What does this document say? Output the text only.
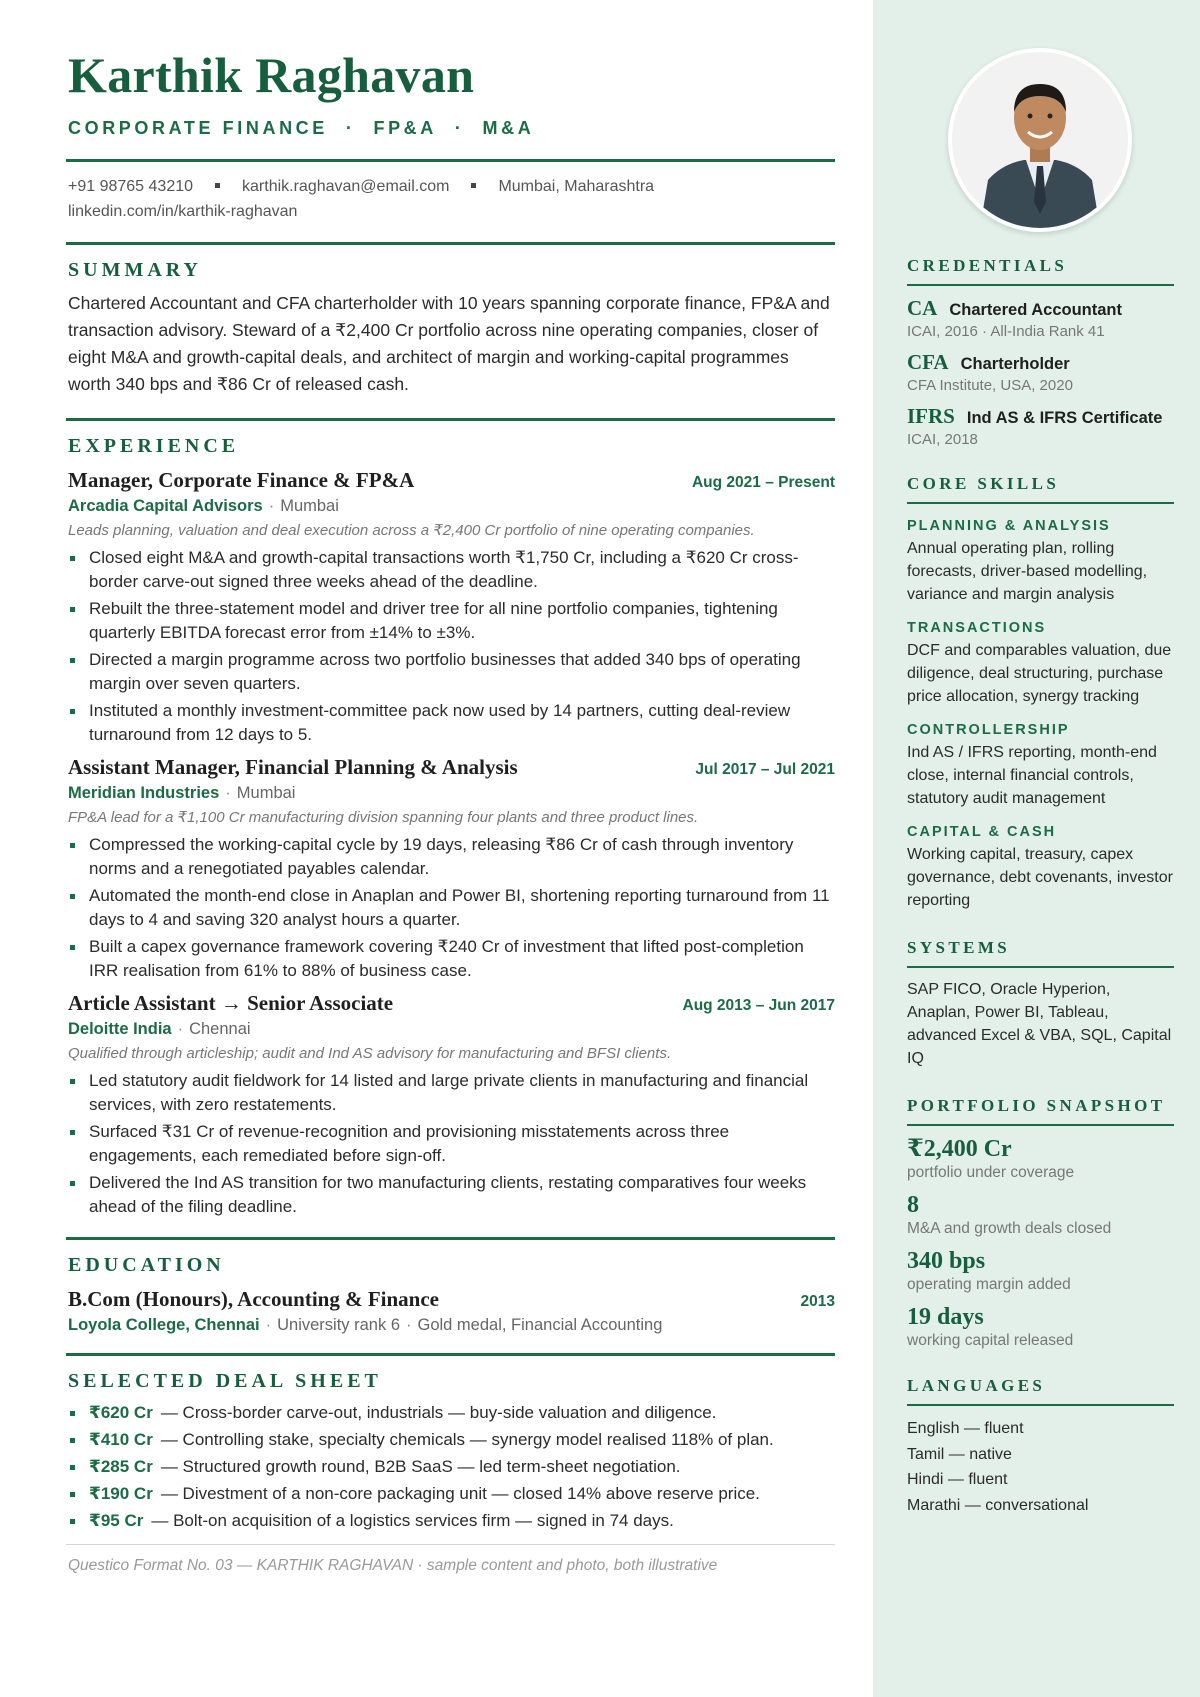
Karthik Raghavan
CORPORATE FINANCE · FP&A · M&A
+91 98765 43210	karthik.raghavan@email.com	Mumbai, Maharashtra
linkedin.com/in/karthik-raghavan
SUMMARY
Chartered Accountant and CFA charterholder with 10 years spanning corporate finance, FP&A and transaction advisory. Steward of a ₹2,400 Cr portfolio across nine operating companies, closer of eight M&A and growth-capital deals, and architect of margin and working-capital programmes worth 340 bps and ₹86 Cr of released cash.
EXPERIENCE
Manager, Corporate Finance & FP&A	Aug 2021 – Present
Arcadia Capital Advisors · Mumbai
Leads planning, valuation and deal execution across a ₹2,400 Cr portfolio of nine operating companies.
Closed eight M&A and growth-capital transactions worth ₹1,750 Cr, including a ₹620 Cr cross-border carve-out signed three weeks ahead of the deadline.
Rebuilt the three-statement model and driver tree for all nine portfolio companies, tightening quarterly EBITDA forecast error from ±14% to ±3%.
Directed a margin programme across two portfolio businesses that added 340 bps of operating margin over seven quarters.
Instituted a monthly investment-committee pack now used by 14 partners, cutting deal-review turnaround from 12 days to 5.
Assistant Manager, Financial Planning & Analysis	Jul 2017 – Jul 2021
Meridian Industries · Mumbai
FP&A lead for a ₹1,100 Cr manufacturing division spanning four plants and three product lines.
Compressed the working-capital cycle by 19 days, releasing ₹86 Cr of cash through inventory norms and a renegotiated payables calendar.
Automated the month-end close in Anaplan and Power BI, shortening reporting turnaround from 11 days to 4 and saving 320 analyst hours a quarter.
Built a capex governance framework covering ₹240 Cr of investment that lifted post-completion IRR realisation from 61% to 88% of business case.
Article Assistant → Senior Associate	Aug 2013 – Jun 2017
Deloitte India · Chennai
Qualified through articleship; audit and Ind AS advisory for manufacturing and BFSI clients.
Led statutory audit fieldwork for 14 listed and large private clients in manufacturing and financial services, with zero restatements.
Surfaced ₹31 Cr of revenue-recognition and provisioning misstatements across three engagements, each remediated before sign-off.
Delivered the Ind AS transition for two manufacturing clients, restating comparatives four weeks ahead of the filing deadline.
EDUCATION
B.Com (Honours), Accounting & Finance	2013
Loyola College, Chennai · University rank 6 · Gold medal, Financial Accounting
SELECTED DEAL SHEET
₹620 Cr — Cross-border carve-out, industrials — buy-side valuation and diligence.
₹410 Cr — Controlling stake, specialty chemicals — synergy model realised 118% of plan.
₹285 Cr — Structured growth round, B2B SaaS — led term-sheet negotiation.
₹190 Cr — Divestment of a non-core packaging unit — closed 14% above reserve price.
₹95 Cr — Bolt-on acquisition of a logistics services firm — signed in 74 days.
Questico Format No. 03 — KARTHIK RAGHAVAN · sample content and photo, both illustrative
CREDENTIALS
CA Chartered Accountant
ICAI, 2016 · All-India Rank 41
CFA Charterholder
CFA Institute, USA, 2020
IFRS Ind AS & IFRS Certificate
ICAI, 2018
CORE SKILLS
PLANNING & ANALYSIS
Annual operating plan, rolling forecasts, driver-based modelling, variance and margin analysis
TRANSACTIONS
DCF and comparables valuation, due diligence, deal structuring, purchase price allocation, synergy tracking
CONTROLLERSHIP
Ind AS / IFRS reporting, month-end close, internal financial controls, statutory audit management
CAPITAL & CASH
Working capital, treasury, capex governance, debt covenants, investor reporting
SYSTEMS
SAP FICO, Oracle Hyperion, Anaplan, Power BI, Tableau, advanced Excel & VBA, SQL, Capital IQ
PORTFOLIO SNAPSHOT
₹2,400 Cr
portfolio under coverage
8
M&A and growth deals closed
340 bps
operating margin added
19 days
working capital released
LANGUAGES
English — fluent
Tamil — native
Hindi — fluent
Marathi — conversational
